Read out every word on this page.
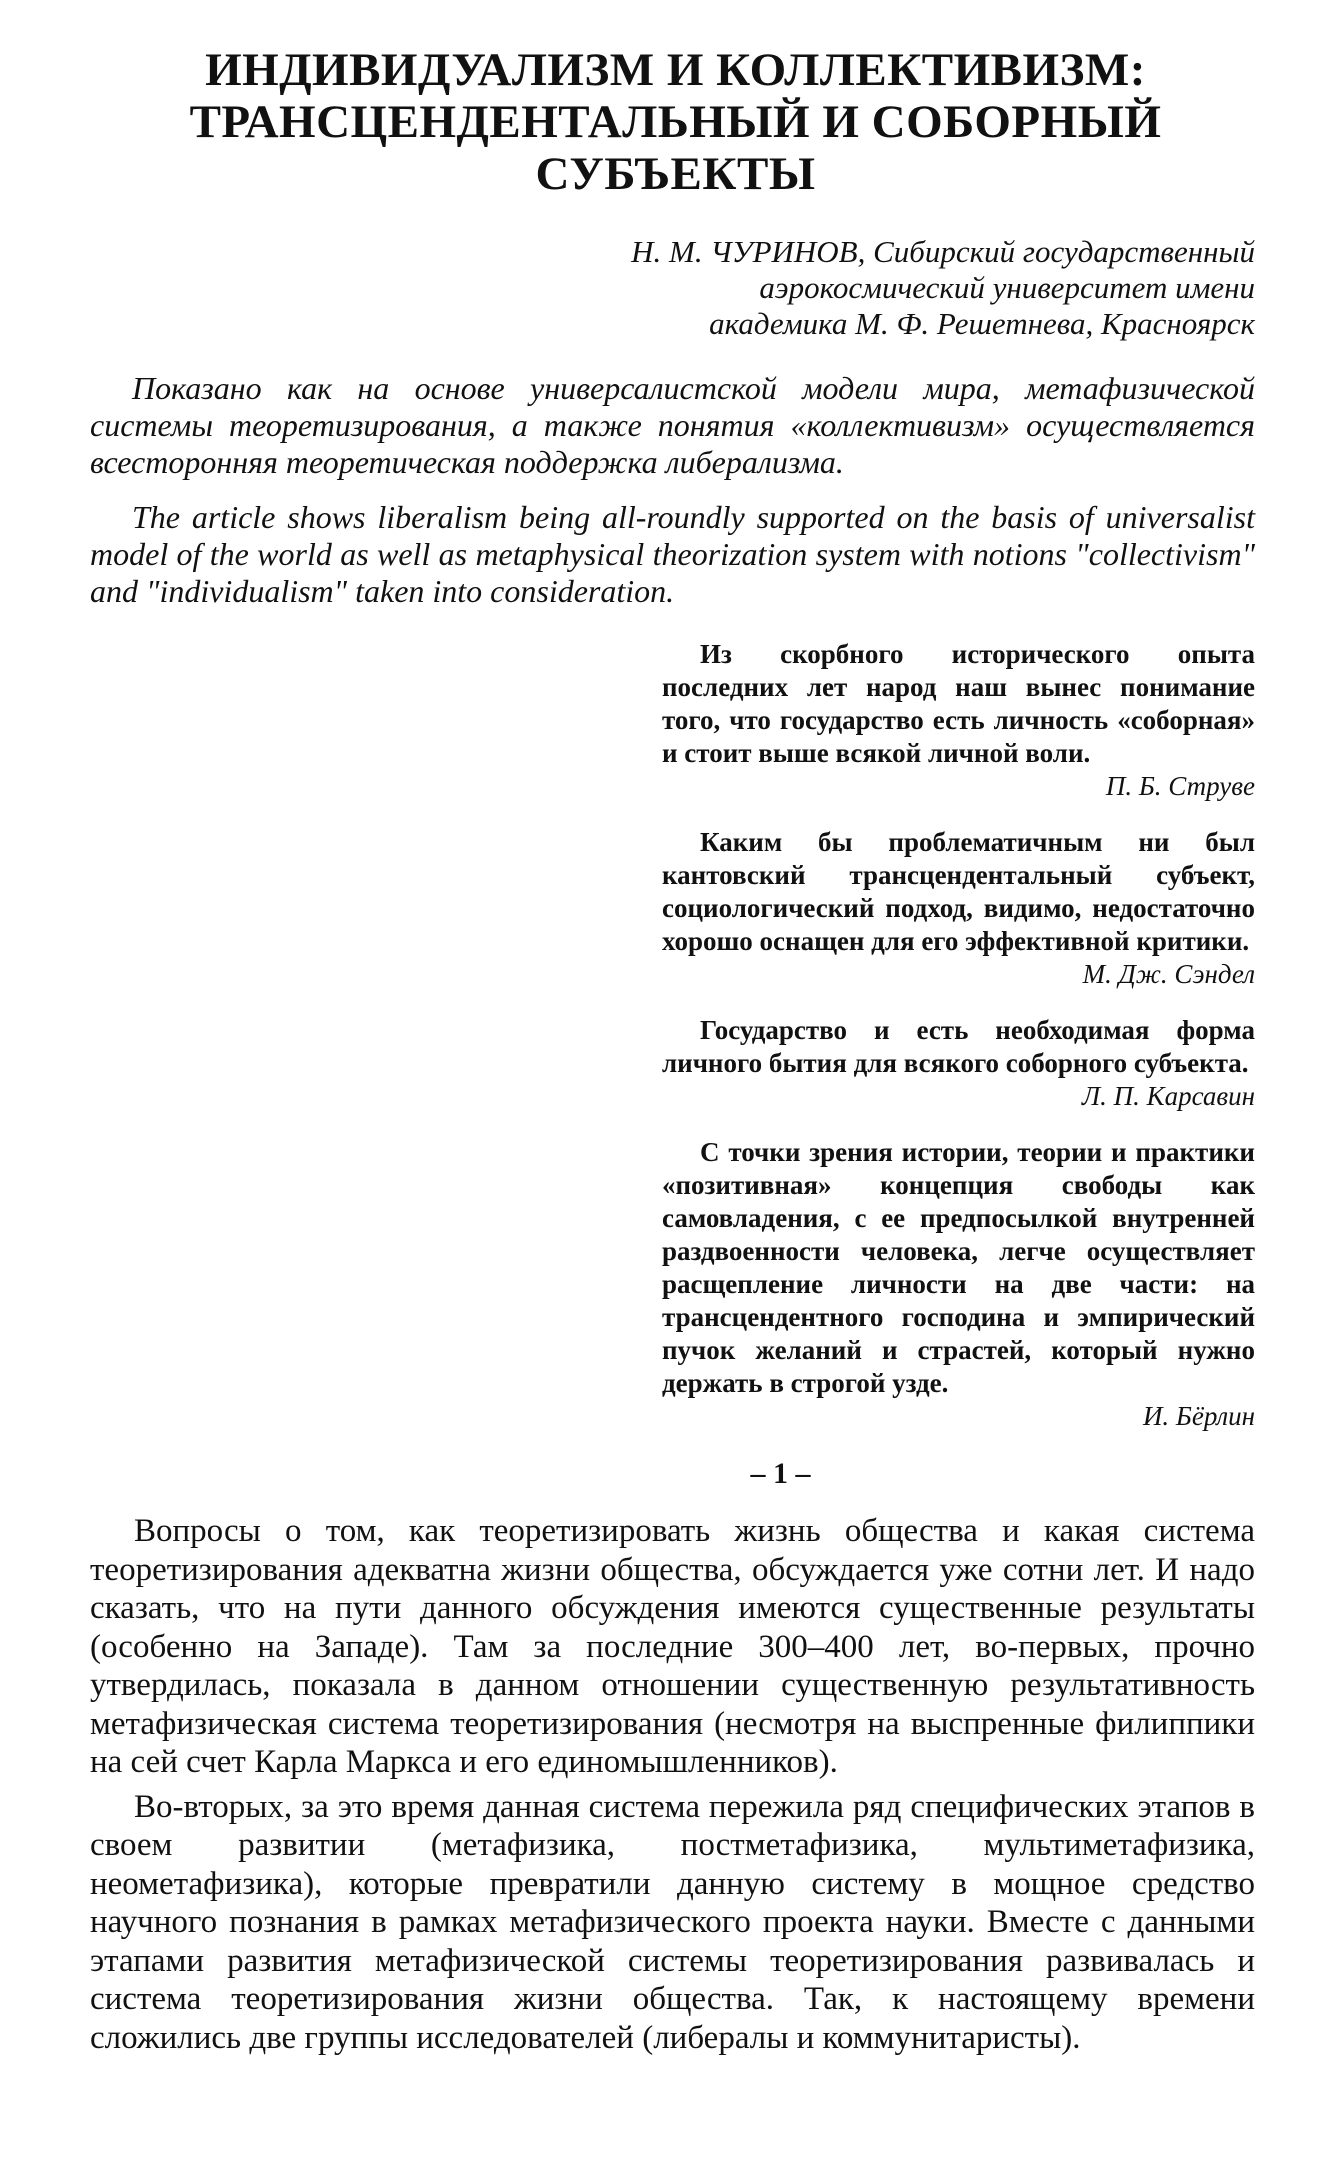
ИНДИВИДУАЛИЗМ И КОЛЛЕКТИВИЗМ:
ТРАНСЦЕНДЕНТАЛЬНЫЙ И СОБОРНЫЙ СУБЪЕКТЫ
Н. М. ЧУРИНОВ, Сибирский государственный
аэрокосмический университет имени
академика М. Ф. Решетнева, Красноярск

Показано как на основе универсалистской модели мира, метафизической системы теоретизирования, а также понятия «коллективизм» осуществляется всесторонняя теоретическая поддержка либерализма.

The article shows liberalism being all-roundly supported on the basis of universalist model of the world as well as metaphysical theorization system with notions "collectivism" and "individualism" taken into consideration.

Из скорбного исторического опыта последних лет народ наш вынес понимание того, что государство есть личность «соборная» и стоит выше всякой личной воли.
П. Б. Струве
Каким бы проблематичным ни был кантовский трансцендентальный субъект, социологический подход, видимо, недостаточно хорошо оснащен для его эффективной критики.
М. Дж. Сэндел
Государство и есть необходимая форма личного бытия для всякого соборного субъекта.
Л. П. Карсавин
С точки зрения истории, теории и практики «позитивная» концепция свободы как самовладения, с ее предпосылкой внутренней раздвоенности человека, легче осуществляет расщепление личности на две части: на трансцендентного господина и эмпирический пучок желаний и страстей, который нужно держать в строгой узде.
И. Бёрлин
– 1 –

Вопросы о том, как теоретизировать жизнь общества и какая система теоретизирования адекватна жизни общества, обсуждается уже сотни лет. И надо сказать, что на пути данного обсуждения имеются существенные результаты (особенно на Западе). Там за последние 300–400 лет, во-первых, прочно утвердилась, показала в данном отношении существенную результативность метафизическая система теоретизирования (несмотря на выспренные филиппики на сей счет Карла Маркса и его единомышленников).

Во-вторых, за это время данная система пережила ряд специфических этапов в своем развитии (метафизика, постметафизика, мультиметафизика, неометафизика), которые превратили данную систему в мощное средство научного познания в рамках метафизического проекта науки. Вместе с данными этапами развития метафизической системы теоретизирования развивалась и система теоретизирования жизни общества. Так, к настоящему времени сложились две группы исследователей (либералы и коммунитаристы).
